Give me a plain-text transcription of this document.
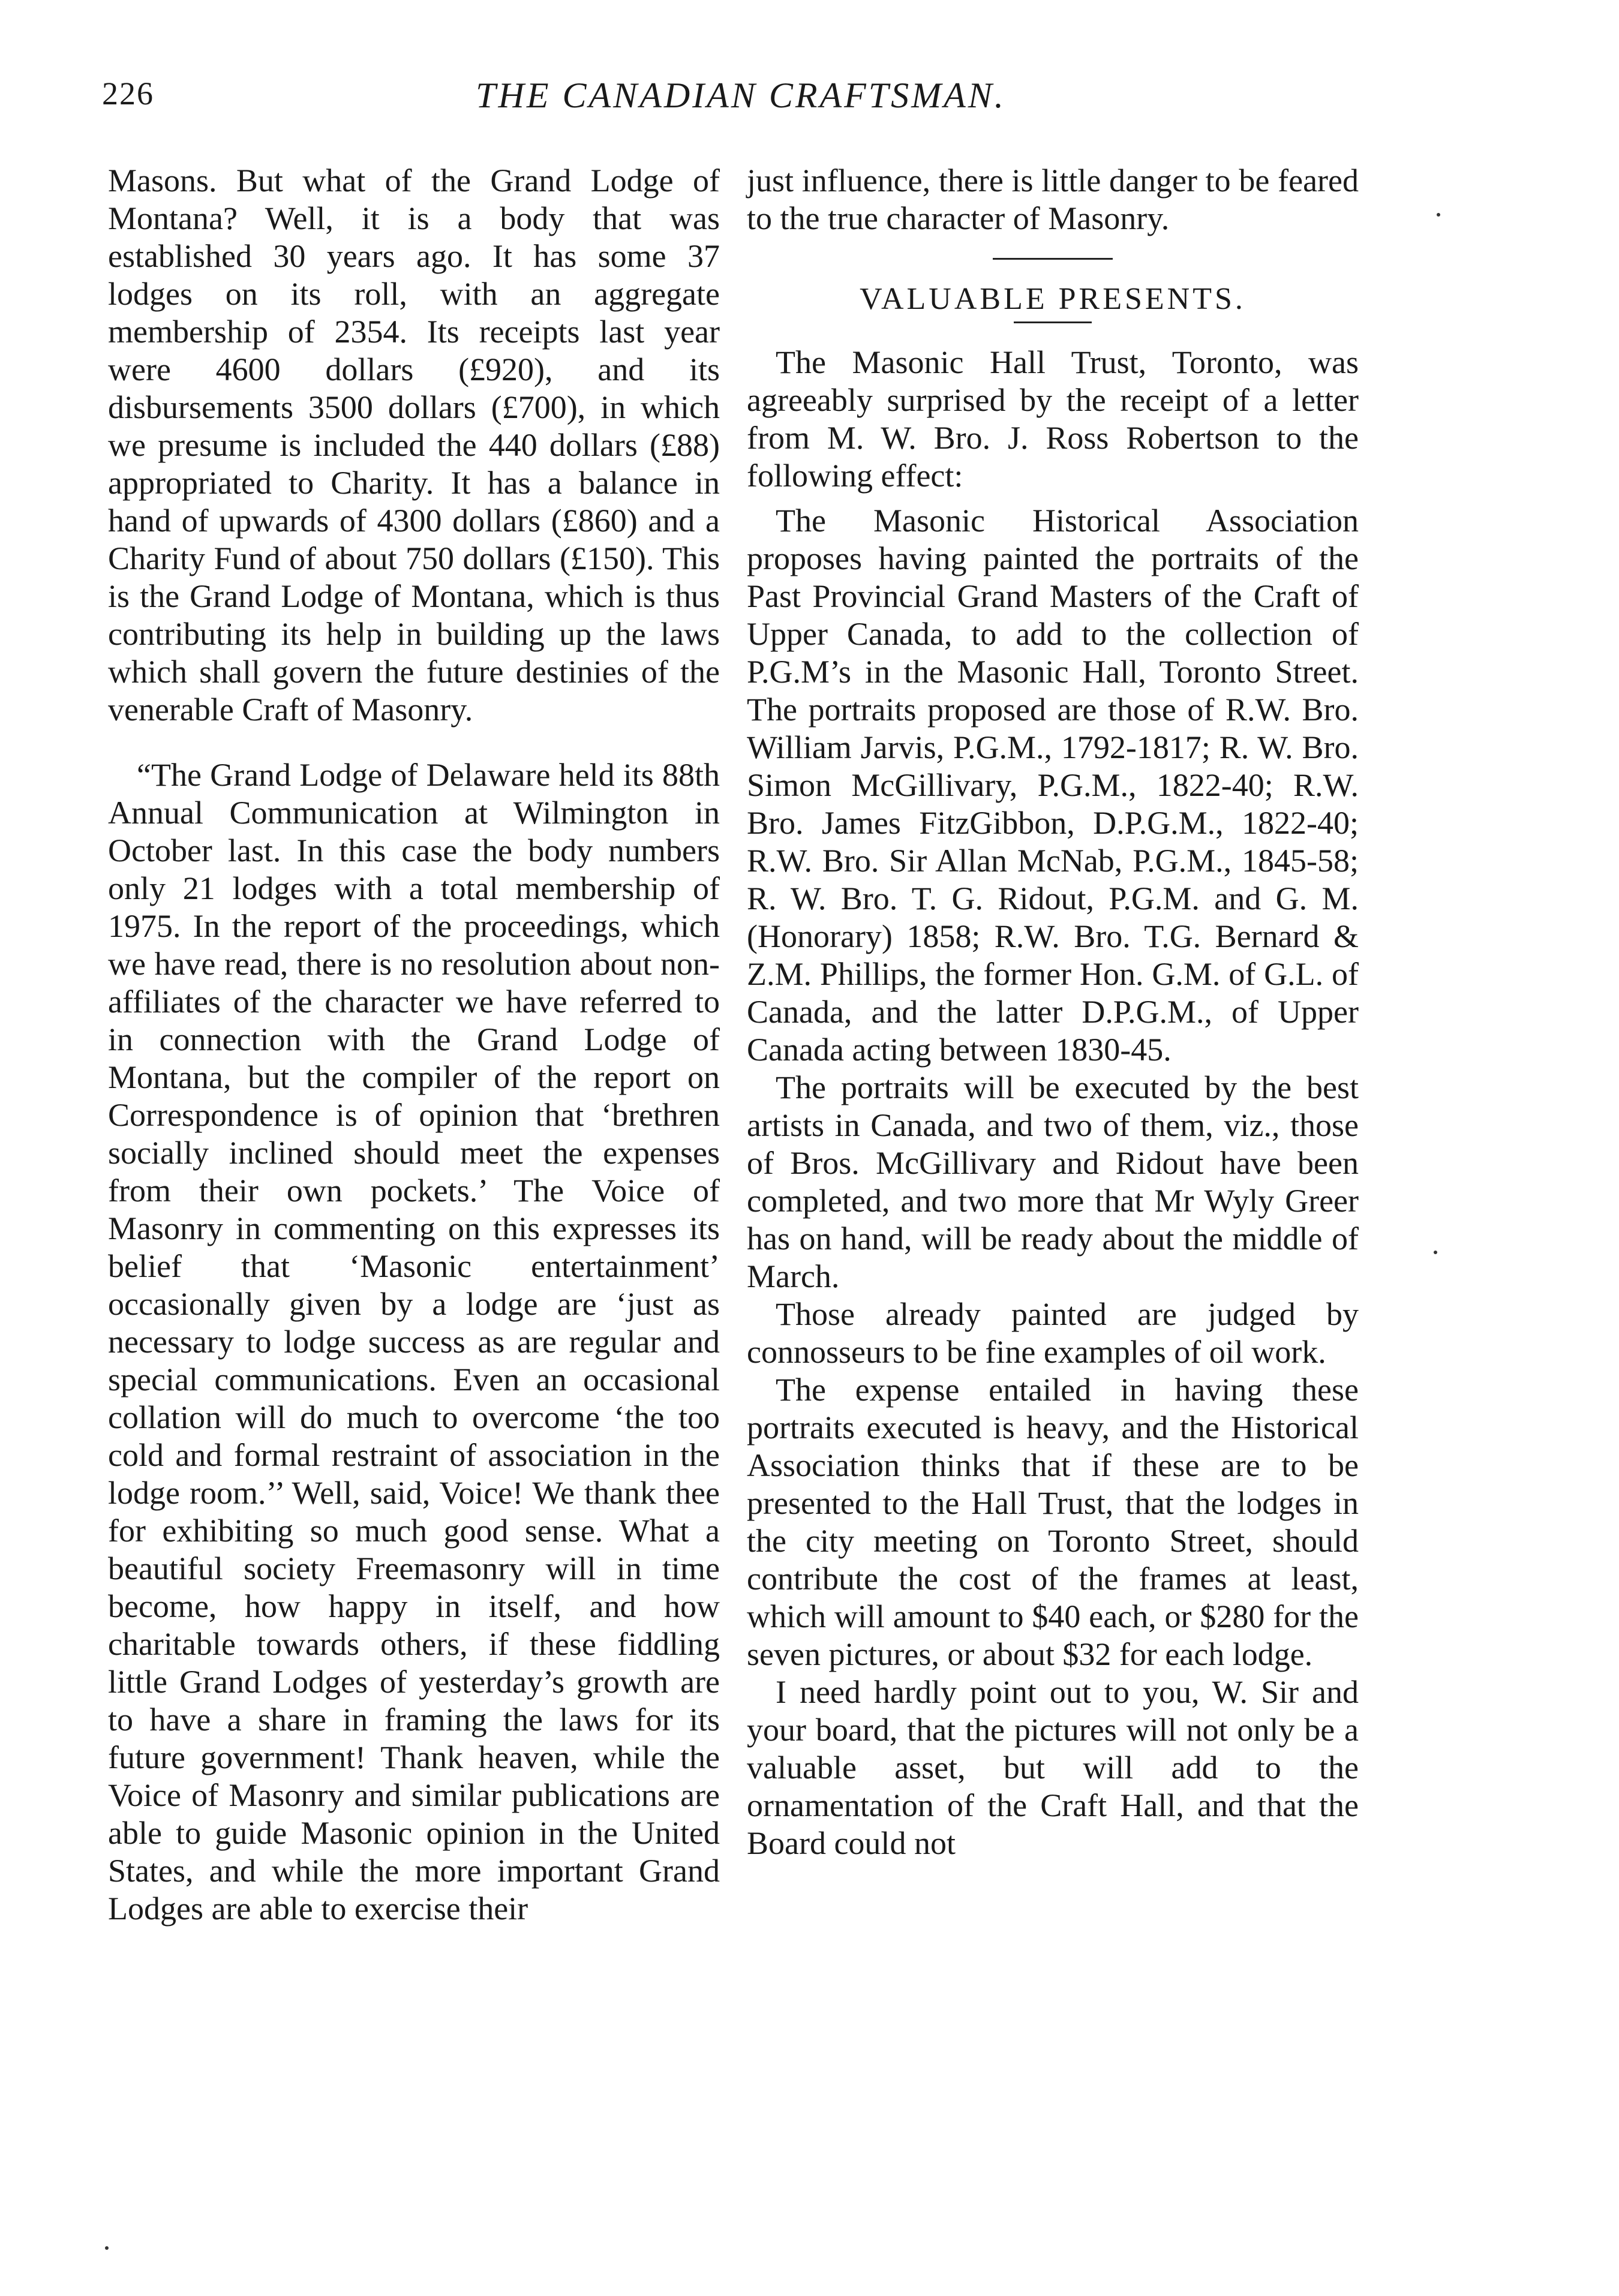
226	THE CANADIAN CRAFTSMAN.

Masons. But what of the Grand Lodge of Montana? Well, it is a body that was established 30 years ago. It has some 37 lodges on its roll, with an aggregate membership of 2354. Its receipts last year were 4600 dollars (£920), and its disbursements 3500 dollars (£700), in which we presume is included the 440 dollars (£88) appropriated to Charity. It has a balance in hand of upwards of 4300 dollars (£860) and a Charity Fund of about 750 dollars (£150). This is the Grand Lodge of Montana, which is thus contributing its help in building up the laws which shall govern the future destinies of the venerable Craft of Masonry.

“The Grand Lodge of Delaware held its 88th Annual Communication at Wilmington in October last. In this case the body numbers only 21 lodges with a total membership of 1975. In the report of the proceedings, which we have read, there is no resolution about non-affiliates of the character we have referred to in connection with the Grand Lodge of Montana, but the compiler of the report on Correspondence is of opinion that ‘brethren socially inclined should meet the expenses from their own pockets.’ The Voice of Masonry in commenting on this expresses its belief that ‘Masonic entertainment’ occasionally given by a lodge are ‘just as necessary to lodge success as are regular and special communications. Even an occasional collation will do much to overcome ‘the too cold and formal restraint of association in the lodge room.’’ Well, said, Voice! We thank thee for exhibiting so much good sense. What a beautiful society Freemasonry will in time become, how happy in itself, and how charitable towards others, if these fiddling little Grand Lodges of yesterday’s growth are to have a share in framing the laws for its future government! Thank heaven, while the Voice of Masonry and similar publications are able to guide Masonic opinion in the United States, and while the more important Grand Lodges are able to exercise their

just influence, there is little danger to be feared to the true character of Masonry.

VALUABLE PRESENTS.

The Masonic Hall Trust, Toronto, was agreeably surprised by the receipt of a letter from M. W. Bro. J. Ross Robertson to the following effect:

The Masonic Historical Association proposes having painted the portraits of the Past Provincial Grand Masters of the Craft of Upper Canada, to add to the collection of P.G.M’s in the Masonic Hall, Toronto Street. The portraits proposed are those of R.W. Bro. William Jarvis, P.G.M., 1792-1817; R. W. Bro. Simon McGillivary, P.G.M., 1822-40; R.W. Bro. James FitzGibbon, D.P.G.M., 1822-40; R.W. Bro. Sir Allan McNab, P.G.M., 1845-58; R. W. Bro. T. G. Ridout, P.G.M. and G. M. (Honorary) 1858; R.W. Bro. T.G. Bernard & Z.M. Phillips, the former Hon. G.M. of G.L. of Canada, and the latter D.P.G.M., of Upper Canada acting between 1830-45.

The portraits will be executed by the best artists in Canada, and two of them, viz., those of Bros. McGillivary and Ridout have been completed, and two more that Mr Wyly Greer has on hand, will be ready about the middle of March.

Those already painted are judged by connosseurs to be fine examples of oil work.

The expense entailed in having these portraits executed is heavy, and the Historical Association thinks that if these are to be presented to the Hall Trust, that the lodges in the city meeting on Toronto Street, should contribute the cost of the frames at least, which will amount to $40 each, or $280 for the seven pictures, or about $32 for each lodge.

I need hardly point out to you, W. Sir and your board, that the pictures will not only be a valuable asset, but will add to the ornamentation of the Craft Hall, and that the Board could not
